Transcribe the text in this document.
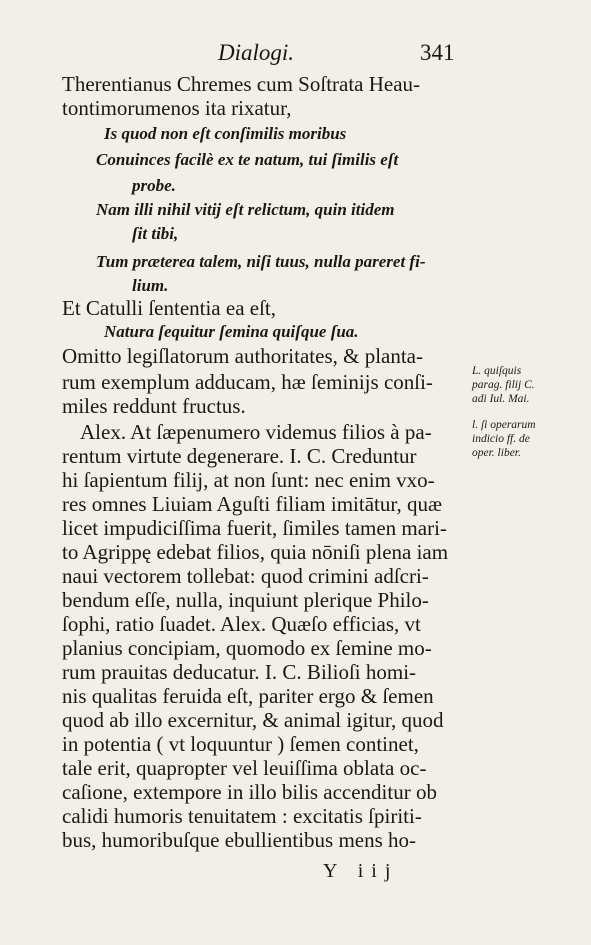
Dialogi.	341
Therentianus Chremes cum Soſtrata Heau-
tontimorumenos ita rixatur,
Is quod non eſt conſimilis moribus
Conuinces facilè ex te natum, tui ſimilis eſt
probe.
Nam illi nihil vitij eſt relictum, quin itidem
ſit tibi,
Tum præterea talem, niſi tuus, nulla pareret fi-
lium.
Et Catulli ſententia ea eſt,
Natura ſequitur ſemina quiſque ſua.
Omitto legiſlatorum authoritates, & planta-
rum exemplum adducam, hæ ſeminijs conſi-
miles reddunt fructus.
Alex. At ſæpenumero videmus filios à pa-
rentum virtute degenerare. I. C. Creduntur
hi ſapientum filij, at non ſunt: nec enim vxo-
res omnes Liuiam Aguſti filiam imitātur, quæ
licet impudiciſſima fuerit, ſimiles tamen mari-
to Agrippę edebat filios, quia nōniſi plena iam
naui vectorem tollebat: quod crimini adſcri-
bendum eſſe, nulla, inquiunt plerique Philo-
ſophi, ratio ſuadet. Alex. Quæſo efficias, vt
planius concipiam, quomodo ex ſemine mo-
rum prauitas deducatur. I. C. Bilioſi homi-
nis qualitas feruida eſt, pariter ergo & ſemen
quod ab illo excernitur, & animal igitur, quod
in potentia ( vt loquuntur ) ſemen continet,
tale erit, quapropter vel leuiſſima oblata oc-
caſione, extempore in illo bilis accenditur ob
calidi humoris tenuitatem : excitatis ſpiriti-
bus, humoribuſque ebullientibus mens ho-
L. quiſquis
parag. filij C.
adi Iul. Mai.
l. ſi operarum
indicio ff. de
oper. liber.
Y iij
